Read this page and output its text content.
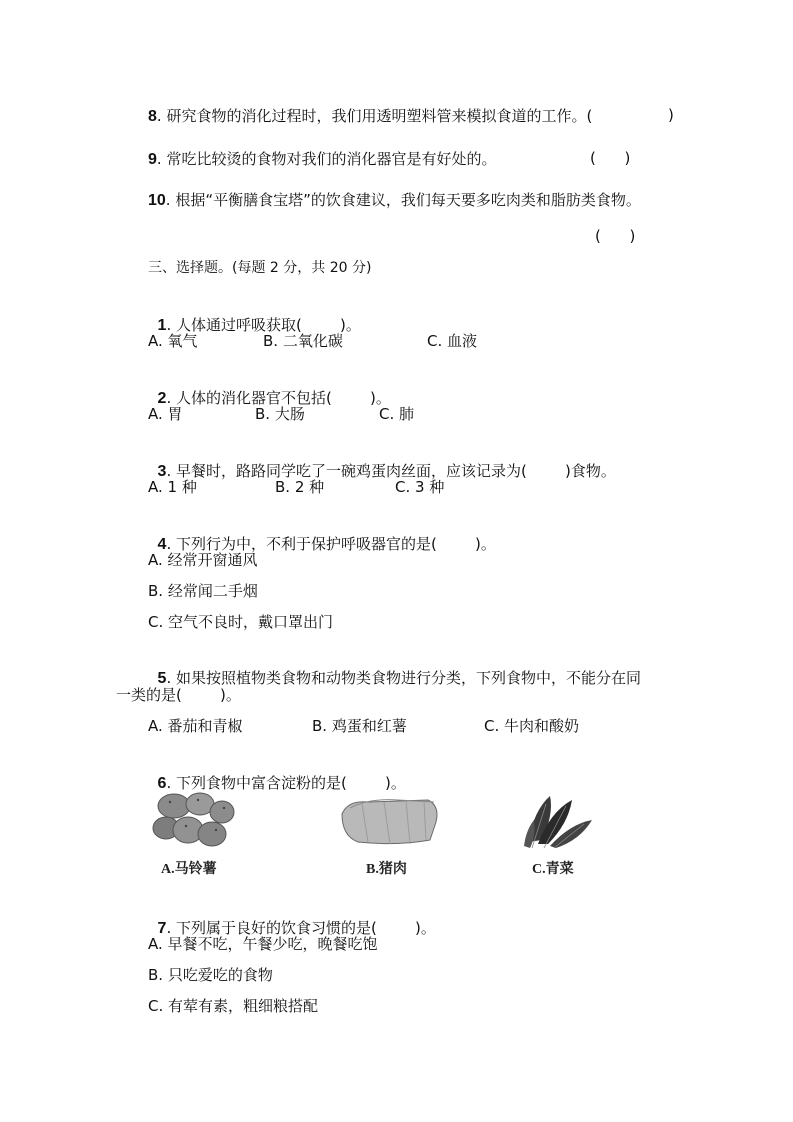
8. 研究食物的消化过程时，我们用透明塑料管来模拟食道的工作。(	)
9. 常吃比较烫的食物对我们的消化器官是有好处的。	(      )
10. 根据“平衡膳食宝塔”的饮食建议，我们每天要多吃肉类和脂肪类食物。
(      )
三、选择题。(每题 2 分，共 20 分)

1. 人体通过呼吸获取(        )。

A. 氧气	B. 二氧化碳	C. 血液

2. 人体的消化器官不包括(        )。

A. 胃	B. 大肠	C. 肺

3. 早餐时，路路同学吃了一碗鸡蛋肉丝面，应该记录为(        )食物。

A. 1 种	B. 2 种	C. 3 种

4. 下列行为中，不利于保护呼吸器官的是(        )。

A. 经常开窗通风
B. 经常闻二手烟
C. 空气不良时，戴口罩出门

5. 如果按照植物类食物和动物类食物进行分类，下列食物中，不能分在同

一类的是(        )。
A. 番茄和青椒	B. 鸡蛋和红薯	C. 牛肉和酸奶

6. 下列食物中富含淀粉的是(        )。

A.马铃薯	B.猪肉	C.青菜

7. 下列属于良好的饮食习惯的是(        )。

A. 早餐不吃，午餐少吃，晚餐吃饱
B. 只吃爱吃的食物
C. 有荤有素，粗细粮搭配
